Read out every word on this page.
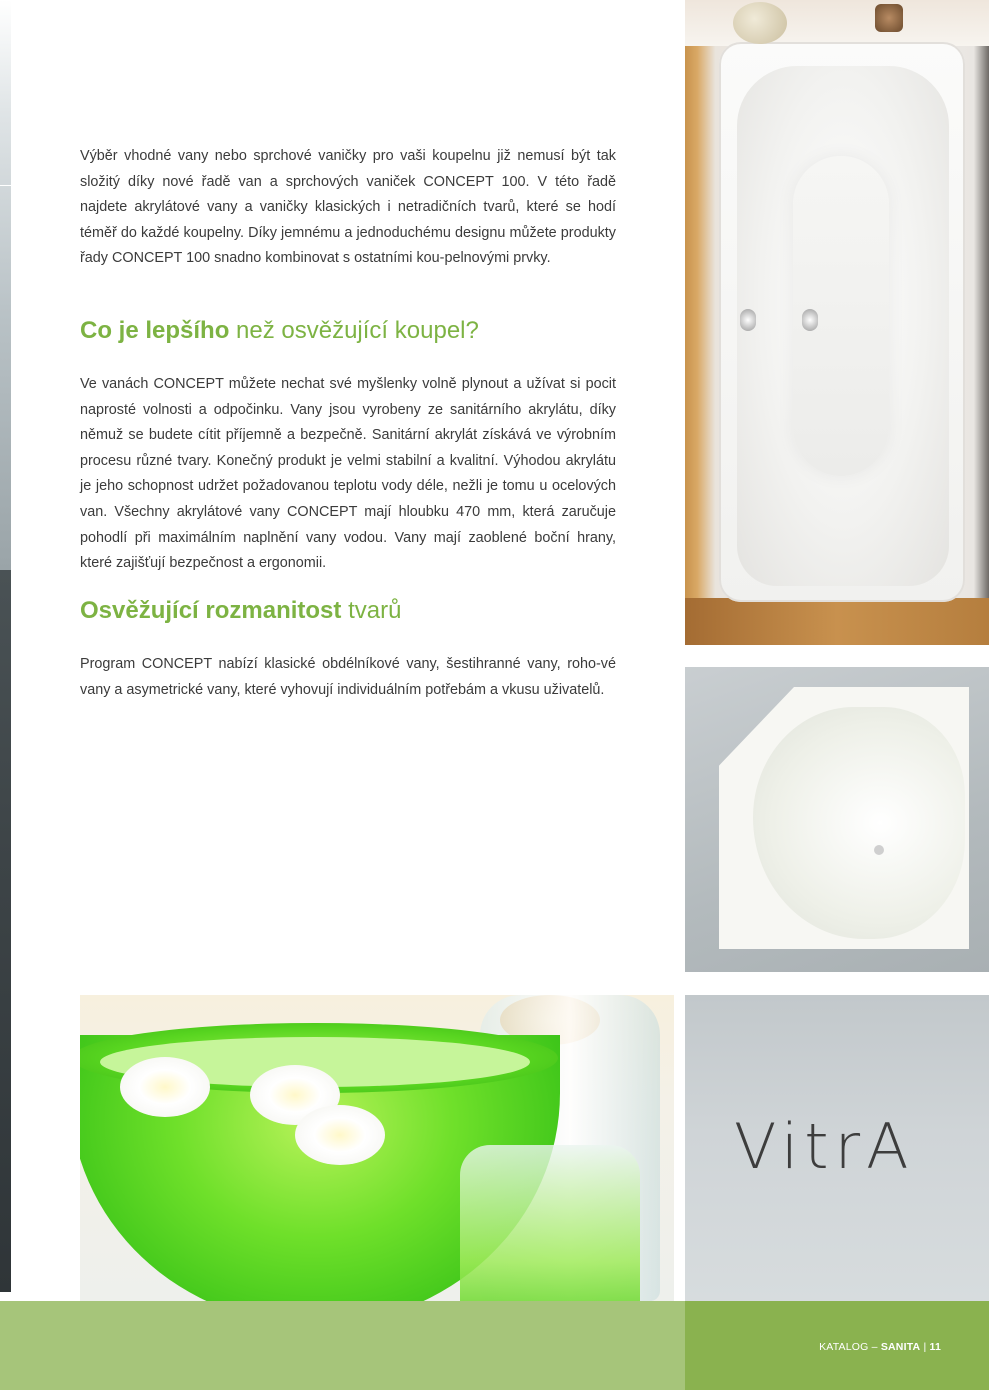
Výběr vhodné vany nebo sprchové vaničky pro vaši koupelnu již nemusí být tak složitý díky nové řadě van a sprchových vaniček CONCEPT 100. V této řadě najdete akrylátové vany a vaničky klasických i netradičních tvarů, které se hodí téměř do každé koupelny. Díky jemnému a jednoduchému designu můžete produkty řady CONCEPT 100 snadno kombinovat s ostatními kou-pelnovými prvky.

Co je lepšího než osvěžující koupel?

Ve vanách CONCEPT můžete nechat své myšlenky volně plynout a užívat si pocit naprosté volnosti a odpočinku. Vany jsou vyrobeny ze sanitárního akrylátu, díky němuž se budete cítit příjemně a bezpečně. Sanitární akrylát získává ve výrobním procesu různé tvary. Konečný produkt je velmi stabilní a kvalitní. Výhodou akrylátu je jeho schopnost udržet požadovanou teplotu vody déle, nežli je tomu u ocelových van. Všechny akrylátové vany CONCEPT mají hloubku 470 mm, která zaručuje pohodlí při maximálním naplnění vany vodou. Vany mají zaoblené boční hrany, které zajišťují bezpečnost a ergonomii.

Osvěžující rozmanitost tvarů

Program CONCEPT nabízí klasické obdélníkové vany, šestihranné vany, roho-vé vany a asymetrické vany, které vyhovují individuálním potřebám a vkusu uživatelů.

VitrA
KATALOG – SANITA | 11
